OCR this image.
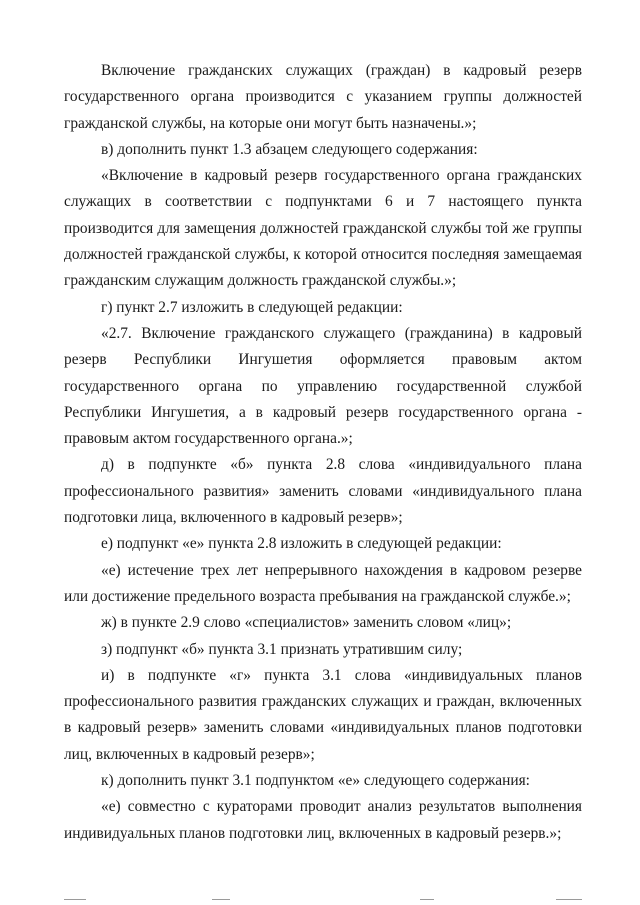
Включение гражданских служащих (граждан) в кадровый резерв государственного органа производится с указанием группы должностей гражданской службы, на которые они могут быть назначены.»;

в) дополнить пункт 1.3 абзацем следующего содержания:

«Включение в кадровый резерв государственного органа гражданских служащих в соответствии с подпунктами 6 и 7 настоящего пункта производится для замещения должностей гражданской службы той же группы должностей гражданской службы, к которой относится последняя замещаемая гражданским служащим должность гражданской службы.»;

г) пункт 2.7 изложить в следующей редакции:

«2.7. Включение гражданского служащего (гражданина) в кадровый резерв Республики Ингушетия оформляется правовым актом государственного органа по управлению государственной службой Республики Ингушетия, а в кадровый резерв государственного органа - правовым актом государственного органа.»;

д) в подпункте «б» пункта 2.8 слова «индивидуального плана профессионального развития» заменить словами «индивидуального плана подготовки лица, включенного в кадровый резерв»;

е) подпункт «е» пункта 2.8 изложить в следующей редакции:

«е) истечение трех лет непрерывного нахождения в кадровом резерве или достижение предельного возраста пребывания на гражданской службе.»;

ж) в пункте 2.9 слово «специалистов» заменить словом «лиц»;

з) подпункт «б» пункта 3.1 признать утратившим силу;

и) в подпункте «г» пункта 3.1 слова «индивидуальных планов профессионального развития гражданских служащих и граждан, включенных в кадровый резерв» заменить словами «индивидуальных планов подготовки лиц, включенных в кадровый резерв»;

к) дополнить пункт 3.1 подпунктом «е» следующего содержания:

«е) совместно с кураторами проводит анализ результатов выполнения индивидуальных планов подготовки лиц, включенных в кадровый резерв.»;
